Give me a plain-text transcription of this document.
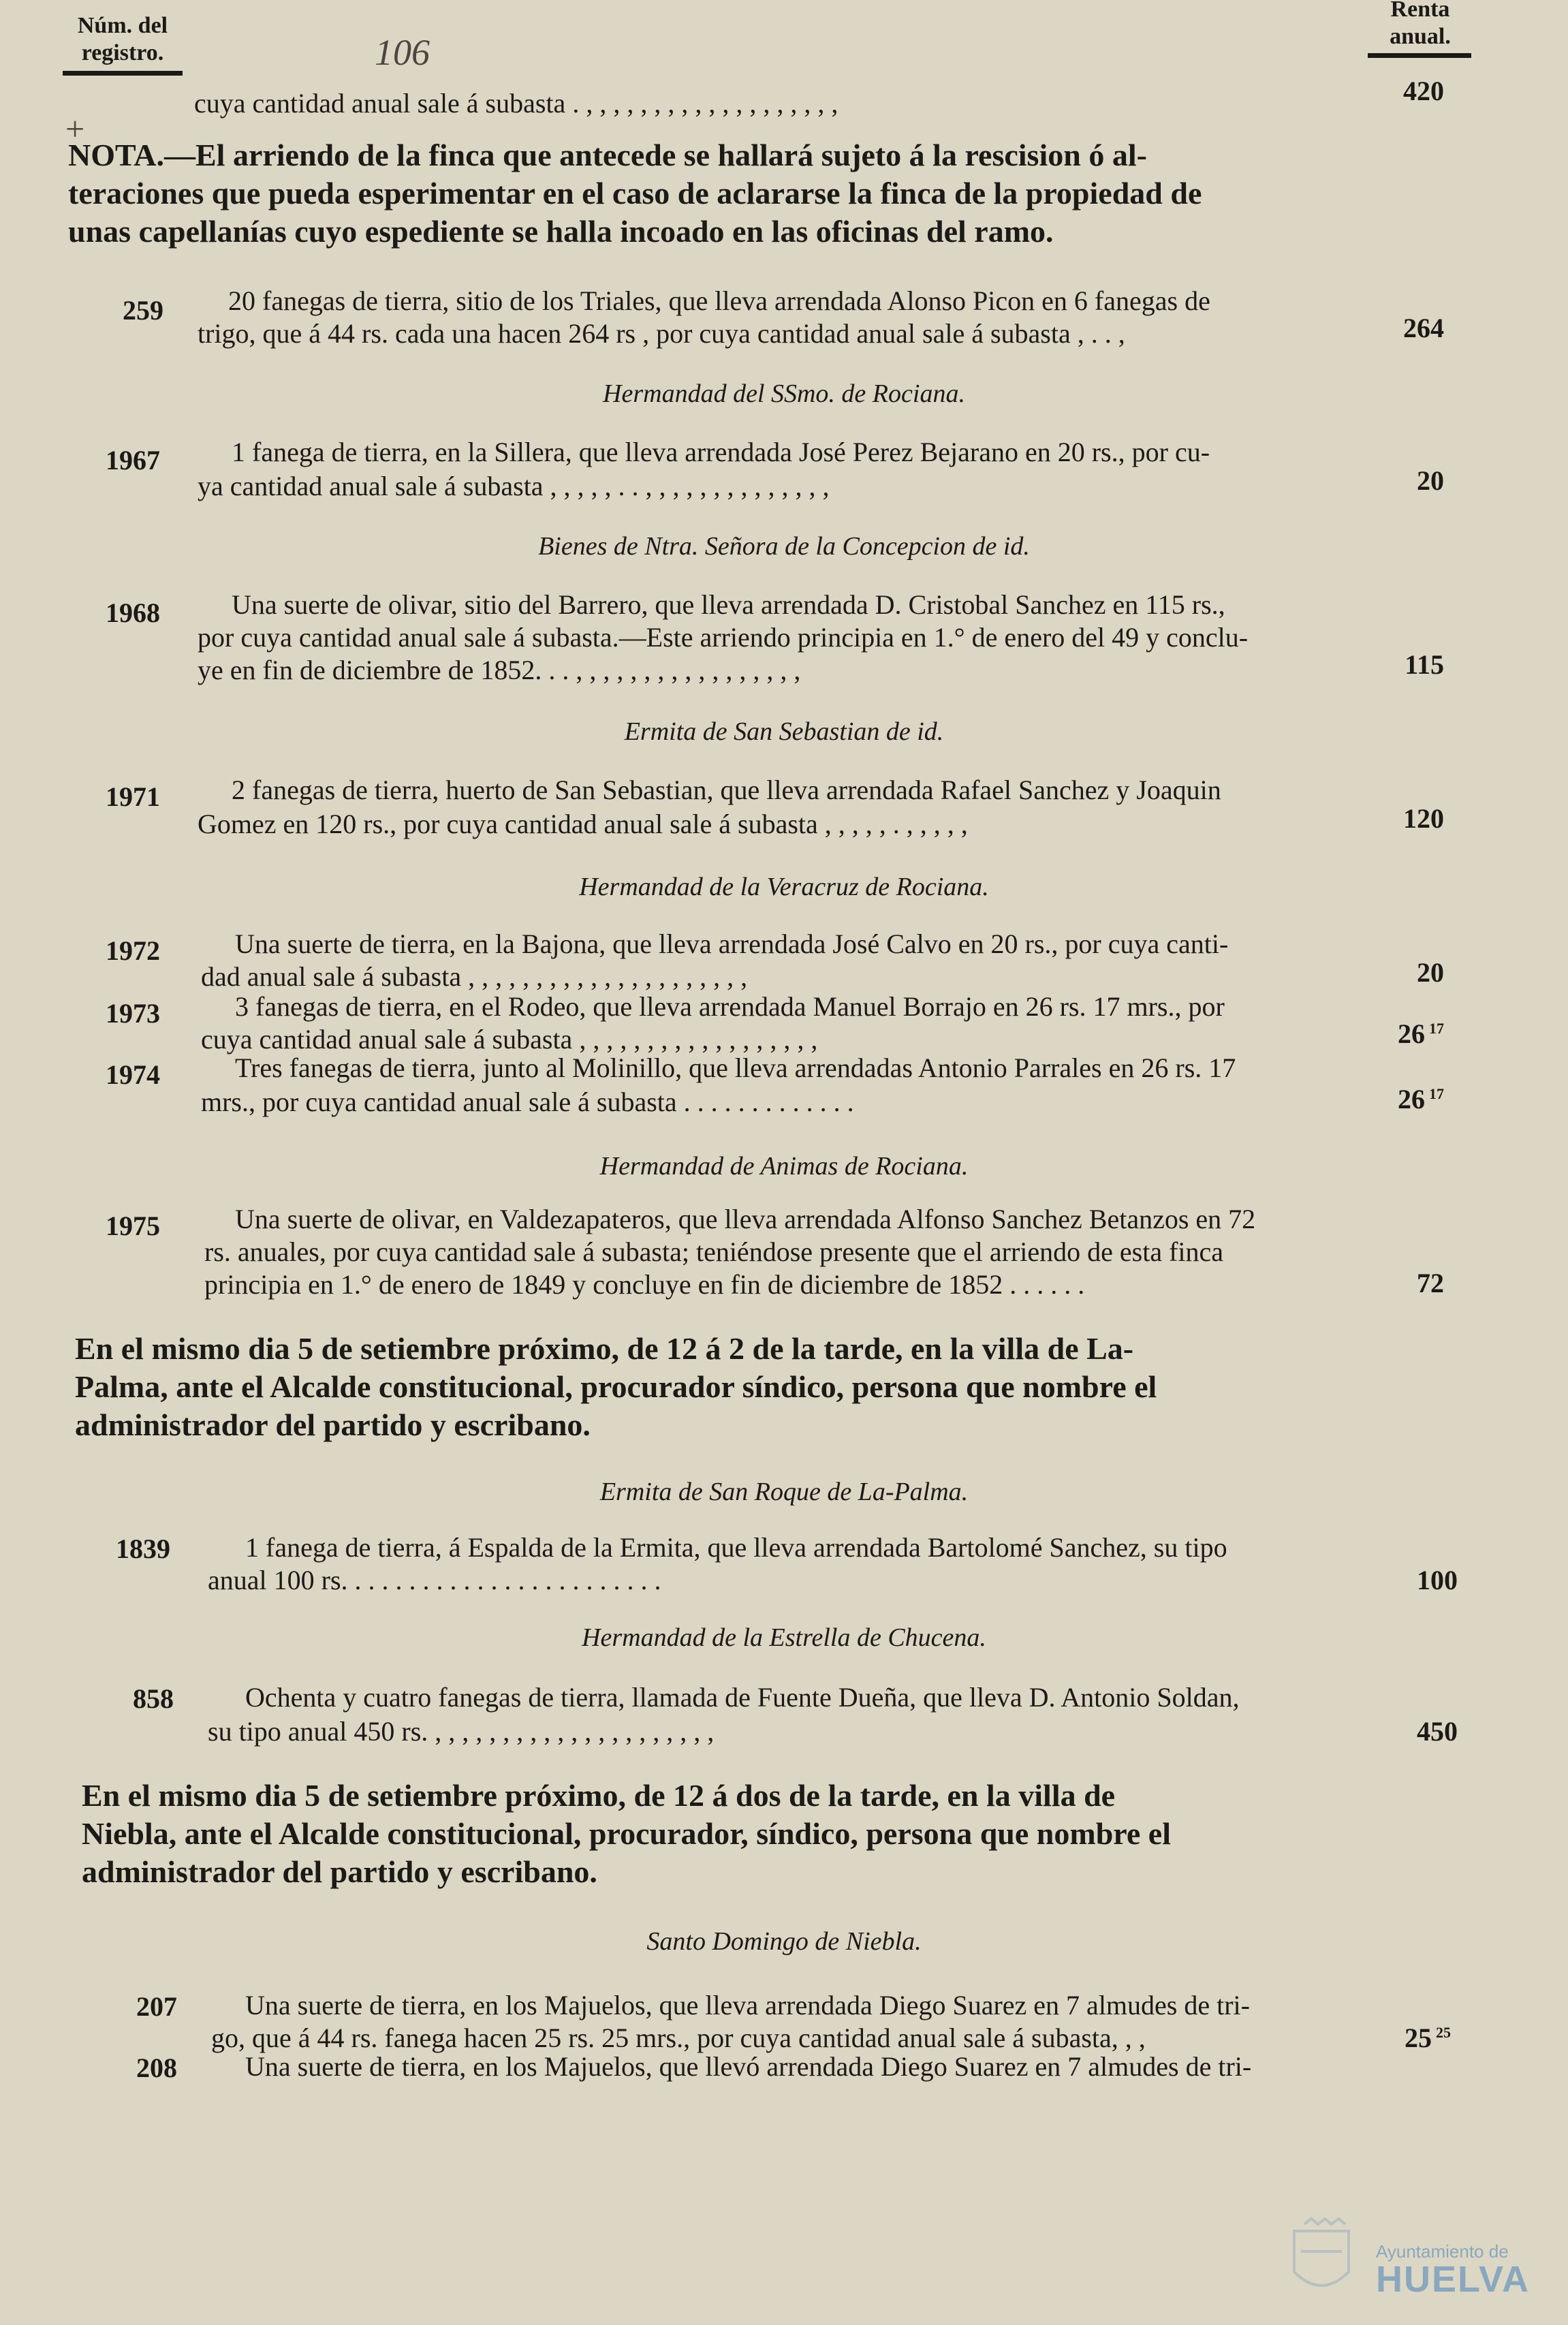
Núm. del
registro.
Renta
anual.
106
+
cuya cantidad anual sale á subasta . , , , , , , , , , , , , , , , , , , ,	420
NOTA.—El arriendo de la finca que antecede se hallará sujeto á la rescision ó al-
teraciones que pueda esperimentar en el caso de aclararse la finca de la propiedad de
unas capellanías cuyo espediente se halla incoado en las oficinas del ramo.
259	20 fanegas de tierra, sitio de los Triales, que lleva arrendada Alonso Picon en 6 fanegas de
trigo, que á 44 rs. cada una hacen 264 rs , por cuya cantidad anual sale á subasta , . . ,	264
Hermandad del SSmo. de Rociana.
1967	1 fanega de tierra, en la Sillera, que lleva arrendada José Perez Bejarano en 20 rs., por cu-
ya cantidad anual sale á subasta , , , , , . . , , , , , , , , , , , , , ,	20
Bienes de Ntra. Señora de la Concepcion de id.
1968	Una suerte de olivar, sitio del Barrero, que lleva arrendada D. Cristobal Sanchez en 115 rs.,
por cuya cantidad anual sale á subasta.—Este arriendo principia en 1.° de enero del 49 y conclu-
ye en fin de diciembre de 1852. . . , , , , , , , , , , , , , , , , ,	115
Ermita de San Sebastian de id.
1971	2 fanegas de tierra, huerto de San Sebastian, que lleva arrendada Rafael Sanchez y Joaquin
Gomez en 120 rs., por cuya cantidad anual sale á subasta , , , , , . , , , , ,	120
Hermandad de la Veracruz de Rociana.
1972	Una suerte de tierra, en la Bajona, que lleva arrendada José Calvo en 20 rs., por cuya canti-
dad anual sale á subasta , , , , , , , , , , , , , , , , , , , , ,	20
1973	3 fanegas de tierra, en el Rodeo, que lleva arrendada Manuel Borrajo en 26 rs. 17 mrs., por
cuya cantidad anual sale á subasta , , , , , , , , , , , , , , , , , ,	26 $^{17}$
1974	Tres fanegas de tierra, junto al Molinillo, que lleva arrendadas Antonio Parrales en 26 rs. 17
mrs., por cuya cantidad anual sale á subasta . . . . . . . . . . . . .	26 $^{17}$
Hermandad de Animas de Rociana.
1975	Una suerte de olivar, en Valdezapateros, que lleva arrendada Alfonso Sanchez Betanzos en 72
rs. anuales, por cuya cantidad sale á subasta; teniéndose presente que el arriendo de esta finca
principia en 1.° de enero de 1849 y concluye en fin de diciembre de 1852 . . . . . .	72
En el mismo dia 5 de setiembre próximo, de 12 á 2 de la tarde, en la villa de La-
Palma, ante el Alcalde constitucional, procurador síndico, persona que nombre el
administrador del partido y escribano.
Ermita de San Roque de La-Palma.
1839	1 fanega de tierra, á Espalda de la Ermita, que lleva arrendada Bartolomé Sanchez, su tipo
anual 100 rs. . . . . . . . . . . . . . . . . . . . . . . .	100
Hermandad de la Estrella de Chucena.
858	Ochenta y cuatro fanegas de tierra, llamada de Fuente Dueña, que lleva D. Antonio Soldan,
su tipo anual 450 rs. , , , , , , , , , , , , , , , , , , , , ,	450
En el mismo dia 5 de setiembre próximo, de 12 á dos de la tarde, en la villa de
Niebla, ante el Alcalde constitucional, procurador, síndico, persona que nombre el
administrador del partido y escribano.
Santo Domingo de Niebla.
207	Una suerte de tierra, en los Majuelos, que lleva arrendada Diego Suarez en 7 almudes de tri-
go, que á 44 rs. fanega hacen 25 rs. 25 mrs., por cuya cantidad anual sale á subasta, , ,	25 $^{25}$
208	Una suerte de tierra, en los Majuelos, que llevó arrendada Diego Suarez en 7 almudes de tri-
Ayuntamiento de
HUELVA
